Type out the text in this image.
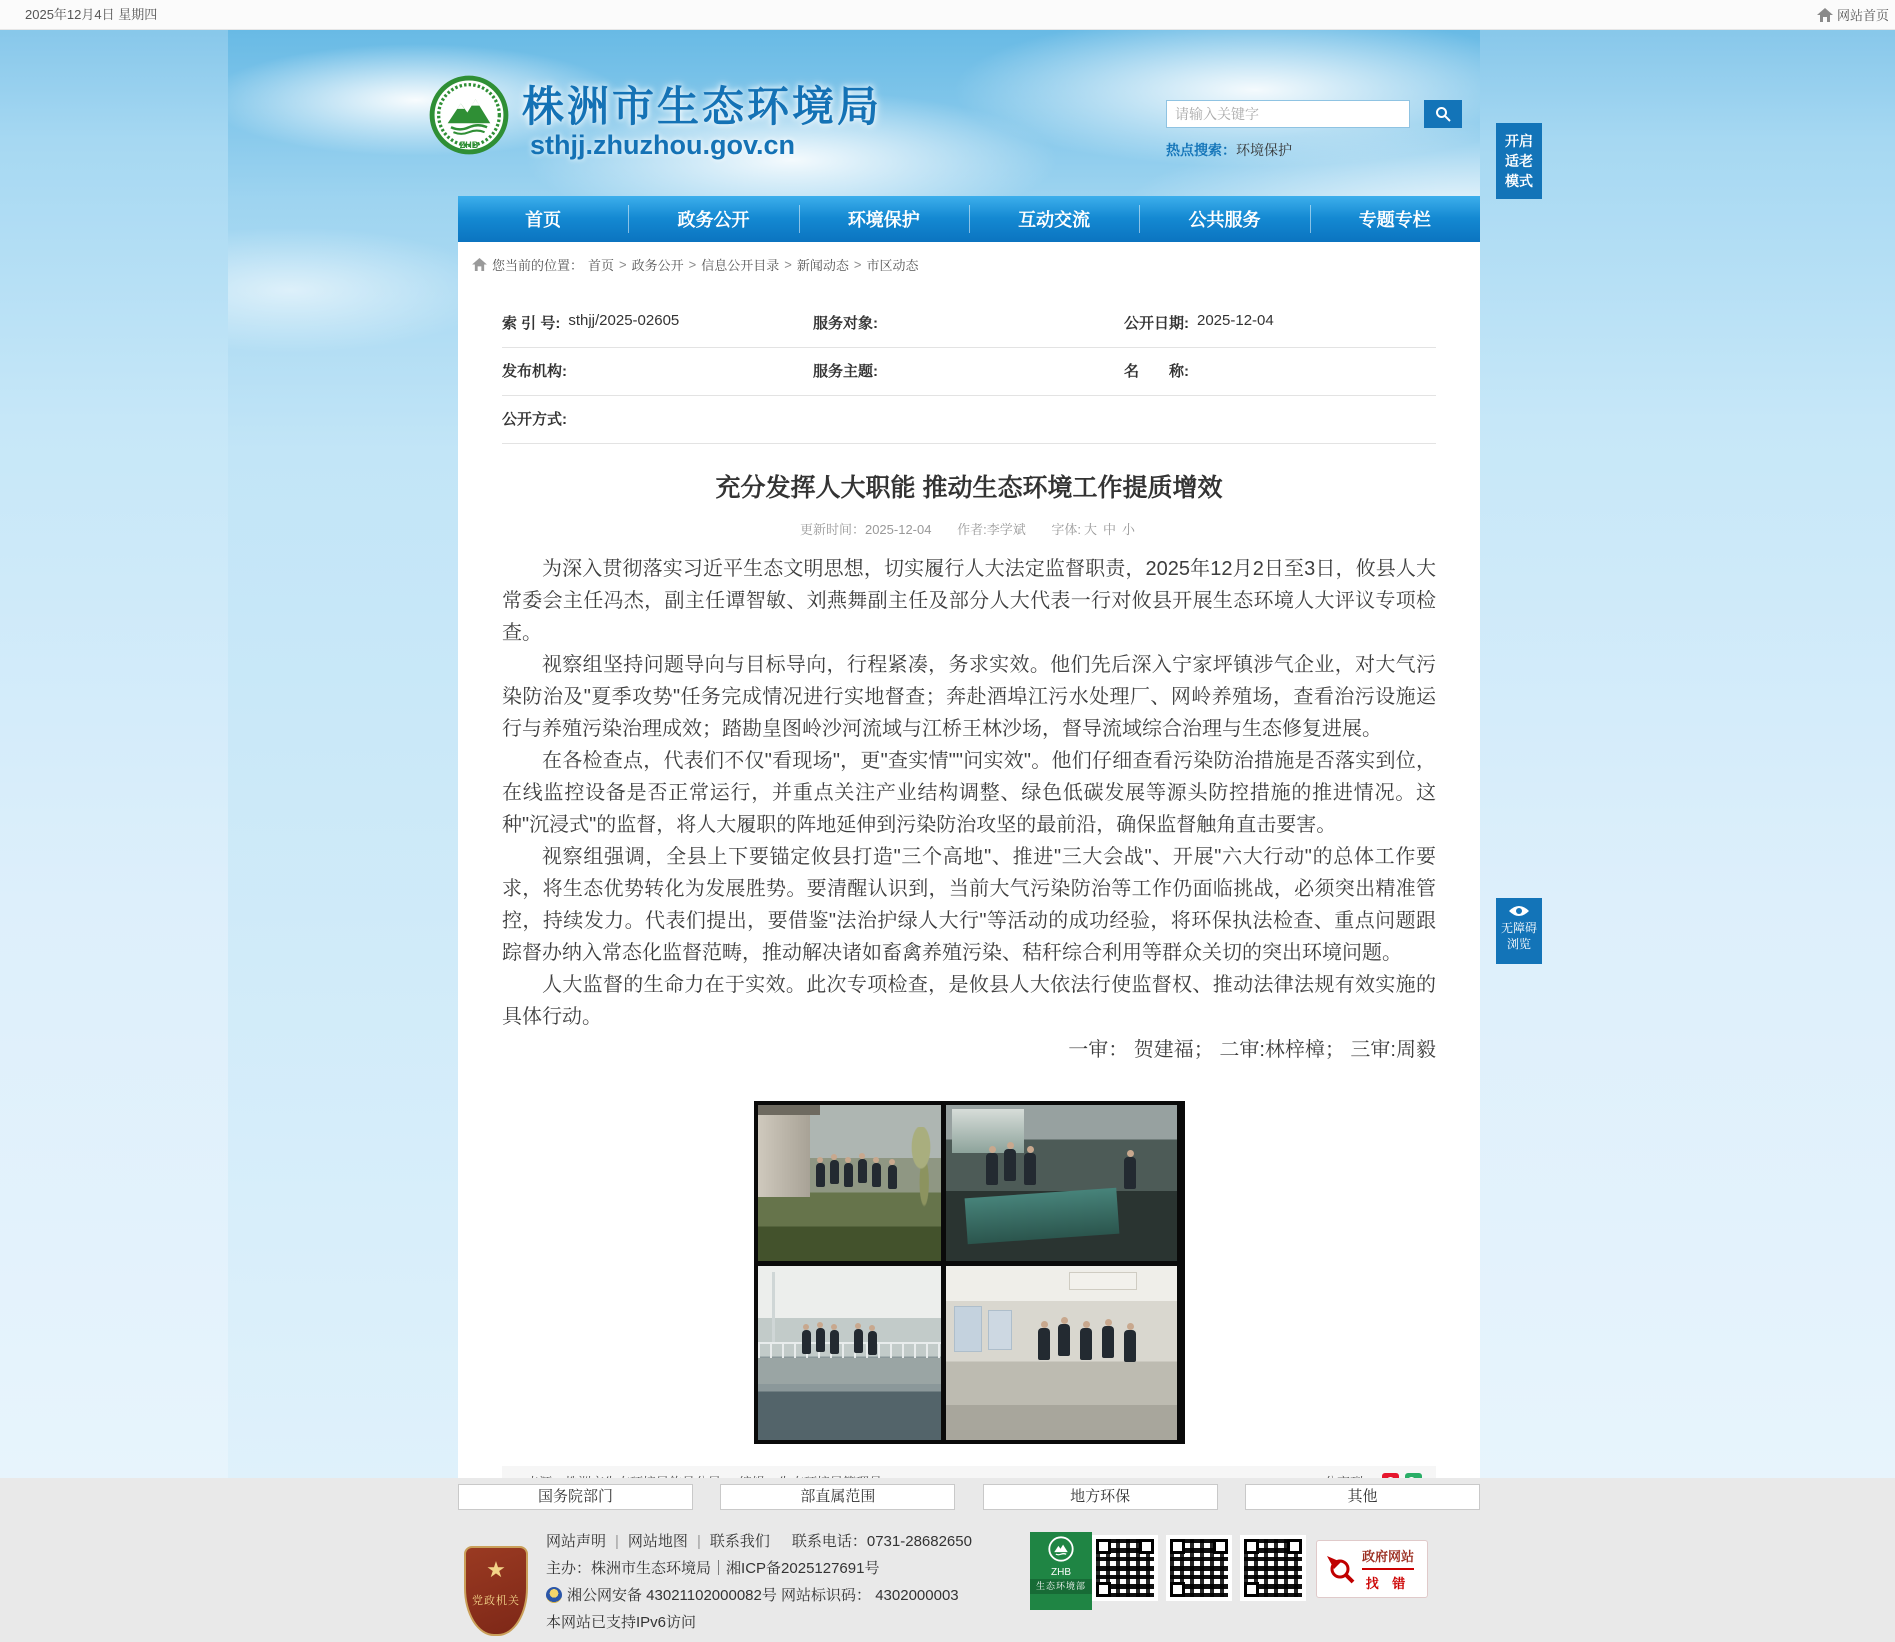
2025年12月4日 星期四	网站首页
ZHB
株洲市生态环境局
sthjj.zhuzhou.gov.cn
请输入关键字	热点搜索：环境保护
首页	政务公开	环境保护	互动交流	公共服务	专题专栏
您当前的位置： 首页 > 政务公开 > 信息公开目录 > 新闻动态 > 市区动态
索 引 号: sthjj/2025-02605	服务对象:	公开日期: 2025-12-04
发布机构:	服务主题:	名　　称:
公开方式:
充分发挥人大职能 推动生态环境工作提质增效
更新时间：2025-12-04 作者:李学斌 字体: 大 中 小

为深入贯彻落实习近平生态文明思想，切实履行人大法定监督职责，2025年12月2日至3日，攸县人大常委会主任冯杰，副主任谭智敏、刘燕舞副主任及部分人大代表一行对攸县开展生态环境人大评议专项检查。

视察组坚持问题导向与目标导向，行程紧凑，务求实效。他们先后深入宁家坪镇涉气企业，对大气污染防治及"夏季攻势"任务完成情况进行实地督查；奔赴酒埠江污水处理厂、网岭养殖场，查看治污设施运行与养殖污染治理成效；踏勘皇图岭沙河流域与江桥王林沙场，督导流域综合治理与生态修复进展。

在各检查点，代表们不仅"看现场"，更"查实情""问实效"。他们仔细查看污染防治措施是否落实到位，在线监控设备是否正常运行，并重点关注产业结构调整、绿色低碳发展等源头防控措施的推进情况。这种"沉浸式"的监督，将人大履职的阵地延伸到污染防治攻坚的最前沿，确保监督触角直击要害。

视察组强调，全县上下要锚定攸县打造"三个高地"、推进"三大会战"、开展"六大行动"的总体工作要求，将生态优势转化为发展胜势。要清醒认识到，当前大气污染防治等工作仍面临挑战，必须突出精准管控，持续发力。代表们提出，要借鉴"法治护绿人大行"等活动的成功经验，将环保执法检查、重点问题跟踪督办纳入常态化监督范畴，推动解决诸如畜禽养殖污染、秸秆综合利用等群众关切的突出环境问题。

人大监督的生命力在于实效。此次专项检查，是攸县人大依法行使监督权、推动法律法规有效实施的具体行动。

一审： 贺建福； 二审:林梓樟； 三审:周毅
开启
适老
模式
无障碍
浏览
国务院部门	部直属范围	地方环保	其他
★
党政机关
网站声明 | 网站地图 | 联系我们 联系电话：0731-28682650
主办：株洲市生态环境局｜湘ICP备2025127691号
湘公网安备 43021102000082号 网站标识码： 4302000003
本网站已支持IPv6访问
ZHB
生态环境部
政府网站
找 错
